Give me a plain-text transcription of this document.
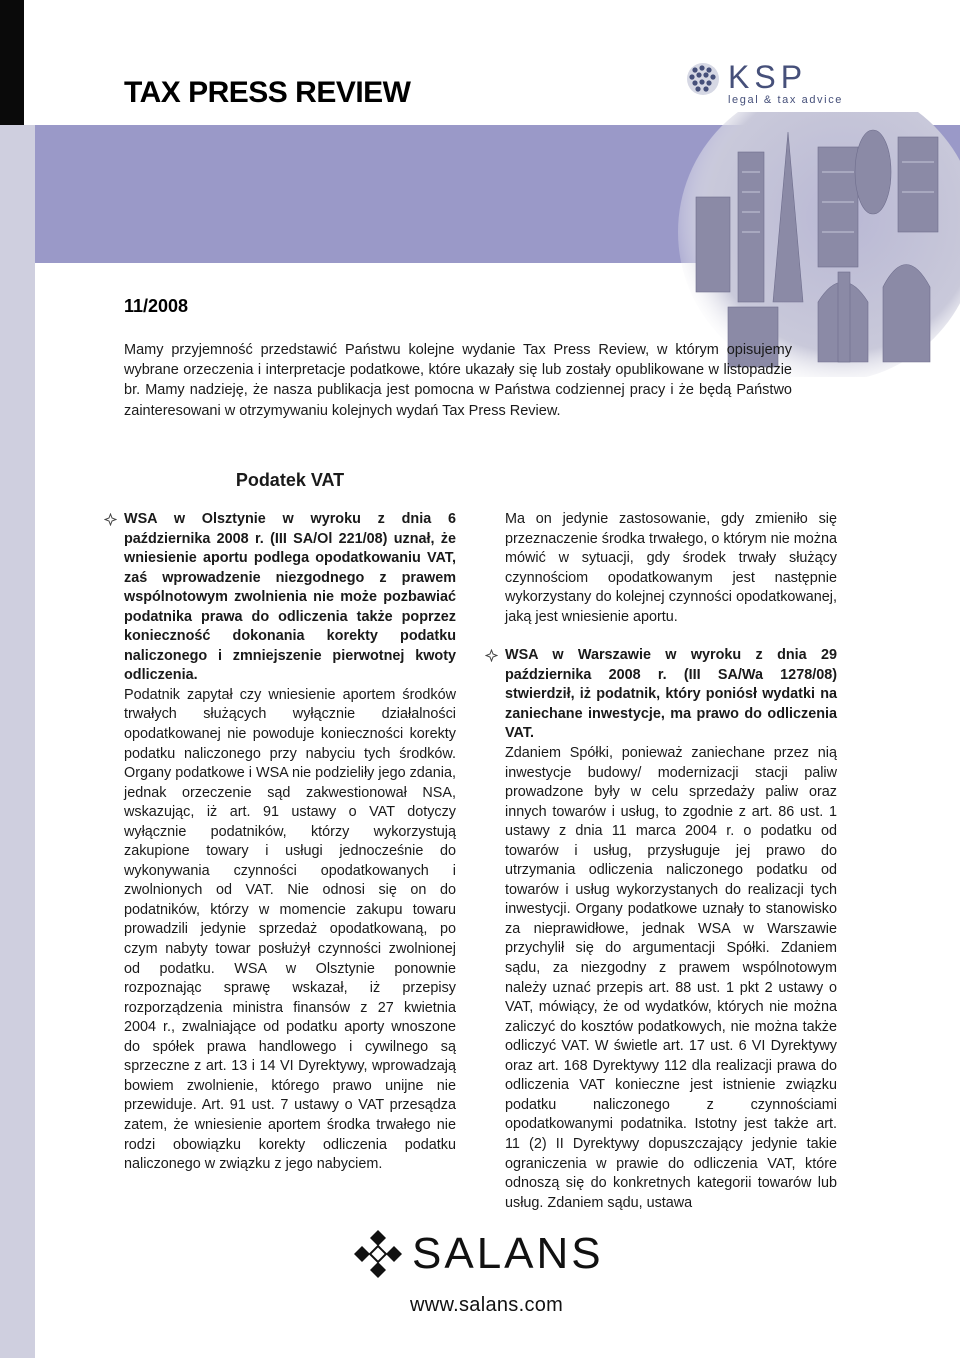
TAX PRESS REVIEW	KSP
legal & tax advice
11/2008

Mamy przyjemność przedstawić Państwu kolejne wydanie Tax Press Review, w którym opisujemy wybrane orzeczenia i interpretacje podatkowe, które ukazały się lub zostały opublikowane w listopadzie br. Mamy nadzieję, że nasza publikacja jest pomocna w Państwa codziennej pracy i że będą Państwo zainteresowani w otrzymywaniu kolejnych wydań Tax Press Review.

Podatek VAT

WSA w Olsztynie w wyroku z dnia 6 października 2008 r. (III SA/Ol 221/08) uznał, że wniesienie aportu podlega opodatkowaniu VAT, zaś wprowadzenie niezgodnego z prawem wspólnotowym zwolnienia nie może pozbawiać podatnika prawa do odliczenia także poprzez konieczność dokonania korekty podatku naliczonego i zmniejszenie pierwotnej kwoty odliczenia.

Podatnik zapytał czy wniesienie aportem środków trwałych służących wyłącznie działalności opodatkowanej nie powoduje konieczności korekty podatku naliczonego przy nabyciu tych środków. Organy podatkowe i WSA nie podzieliły jego zdania, jednak orzeczenie sąd zakwestionował NSA, wskazując, iż art. 91 ustawy o VAT dotyczy wyłącznie podatników, którzy wykorzystują zakupione towary i usługi jednocześnie do wykonywania czynności opodatkowanych i zwolnionych od VAT. Nie odnosi się on do podatników, którzy w momencie zakupu towaru prowadzili jedynie sprzedaż opodatkowaną, po czym nabyty towar posłużył czynności zwolnionej od podatku. WSA w Olsztynie ponownie rozpoznając sprawę wskazał, iż przepisy rozporządzenia ministra finansów z 27 kwietnia 2004 r., zwalniające od podatku aporty wnoszone do spółek prawa handlowego i cywilnego są sprzeczne z art. 13 i 14 VI Dyrektywy, wprowadzają bowiem zwolnienie, którego prawo unijne nie przewiduje. Art. 91 ust. 7 ustawy o VAT przesądza zatem, że wniesienie aportem środka trwałego nie rodzi obowiązku korekty odliczenia podatku naliczonego w związku z jego nabyciem.

Ma on jedynie zastosowanie, gdy zmieniło się przeznaczenie środka trwałego, o którym nie można mówić w sytuacji, gdy środek trwały służący czynnościom opodatkowanym jest następnie wykorzystany do kolejnej czynności opodatkowanej, jaką jest wniesienie aportu.

WSA w Warszawie w wyroku z dnia 29 października 2008 r. (III SA/Wa 1278/08) stwierdził, iż podatnik, który poniósł wydatki na zaniechane inwestycje, ma prawo do odliczenia VAT.

Zdaniem Spółki, ponieważ zaniechane przez nią inwestycje budowy/ modernizacji stacji paliw prowadzone były w celu sprzedaży paliw oraz innych towarów i usług, to zgodnie z art. 86 ust. 1 ustawy z dnia 11 marca 2004 r. o podatku od towarów i usług, przysługuje jej prawo do utrzymania odliczenia naliczonego podatku od towarów i usług wykorzystanych do realizacji tych inwestycji. Organy podatkowe uznały to stanowisko za nieprawidłowe, jednak WSA w Warszawie przychylił się do argumentacji Spółki. Zdaniem sądu, za niezgodny z prawem wspólnotowym należy uznać przepis art. 88 ust. 1 pkt 2 ustawy o VAT, mówiący, że od wydatków, których nie można zaliczyć do kosztów podatkowych, nie można także odliczyć VAT. W świetle art. 17 ust. 6 VI Dyrektywy oraz art. 168 Dyrektywy 112 dla realizacji prawa do odliczenia VAT konieczne jest istnienie związku podatku naliczonego z czynnościami opodatkowanymi podatnika. Istotny jest także art. 11 (2) II Dyrektywy dopuszczający jedynie takie ograniczenia w prawie do odliczenia VAT, które odnoszą się do konkretnych kategorii towarów lub usług. Zdaniem sądu, ustawa

SALANS
www.salans.com
